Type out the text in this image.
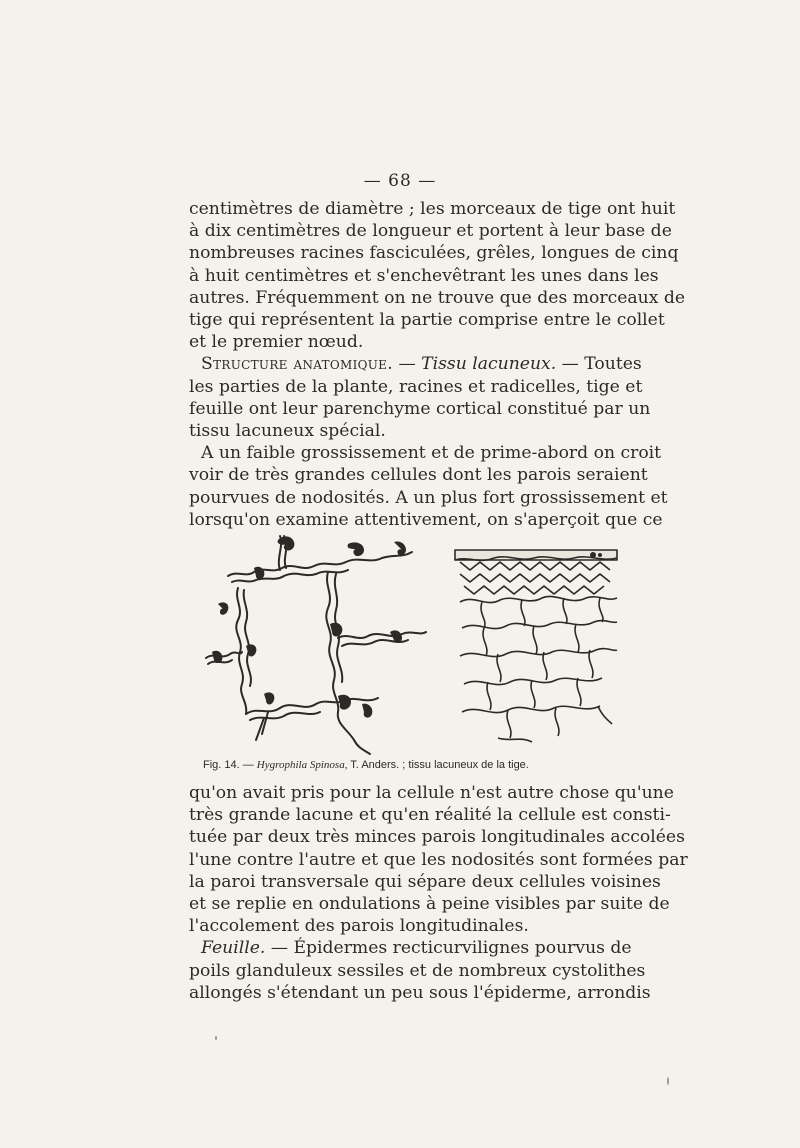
— 68 —
centimètres de diamètre ; les morceaux de tige ont huit
à dix centimètres de longueur et portent à leur base de
nombreuses racines fasciculées, grêles, longues de cinq
à huit centimètres et s'enchevêtrant les unes dans les
autres. Fréquemment on ne trouve que des morceaux de
tige qui représentent la partie comprise entre le collet
et le premier nœud.
Structure anatomique. — Tissu lacuneux. — Toutes
les parties de la plante, racines et radicelles, tige et
feuille ont leur parenchyme cortical constitué par un
tissu lacuneux spécial.
A un faible grossissement et de prime-abord on croit
voir de très grandes cellules dont les parois seraient
pourvues de nodosités. A un plus fort grossissement et
lorsqu'on examine attentivement, on s'aperçoit que ce
Fig. 14. — Hygrophila Spinosa, T. Anders. ; tissu lacuneux de la tige.
qu'on avait pris pour la cellule n'est autre chose qu'une
très grande lacune et qu'en réalité la cellule est consti-
tuée par deux très minces parois longitudinales accolées
l'une contre l'autre et que les nodosités sont formées par
la paroi transversale qui sépare deux cellules voisines
et se replie en ondulations à peine visibles par suite de
l'accolement des parois longitudinales.
Feuille. — Épidermes recticurvilignes pourvus de
poils glanduleux sessiles et de nombreux cystolithes
allongés s'étendant un peu sous l'épiderme, arrondis
